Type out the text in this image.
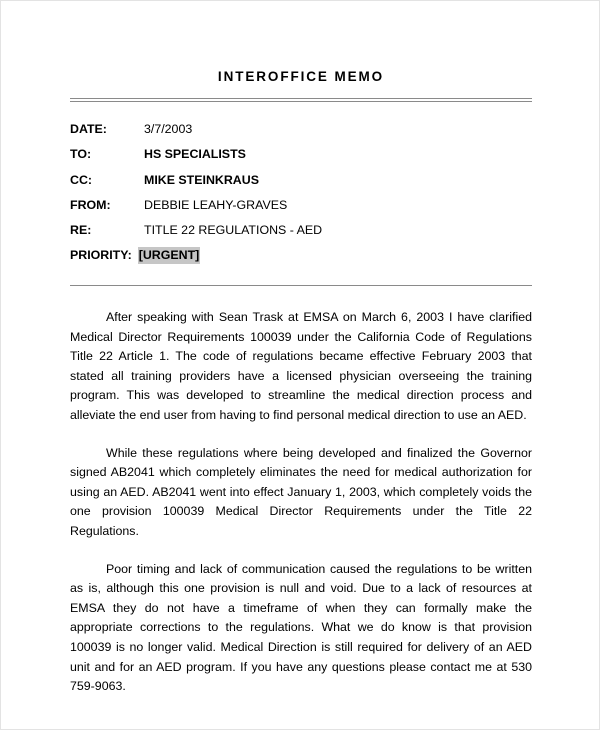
INTEROFFICE MEMO
DATE:	3/7/2003
TO:	HS SPECIALISTS
CC:	MIKE STEINKRAUS
FROM:	DEBBIE LEAHY-GRAVES
RE:	TITLE 22 REGULATIONS - AED
PRIORITY: [URGENT]

After speaking with Sean Trask at EMSA on March 6, 2003 I have clarified Medical Director Requirements 100039 under the California Code of Regulations Title 22 Article 1. The code of regulations became effective February 2003 that stated all training providers have a licensed physician overseeing the training program. This was developed to streamline the medical direction process and alleviate the end user from having to find personal medical direction to use an AED.

While these regulations where being developed and finalized the Governor signed AB2041 which completely eliminates the need for medical authorization for using an AED. AB2041 went into effect January 1, 2003, which completely voids the one provision 100039 Medical Director Requirements under the Title 22 Regulations.

Poor timing and lack of communication caused the regulations to be written as is, although this one provision is null and void. Due to a lack of resources at EMSA they do not have a timeframe of when they can formally make the appropriate corrections to the regulations. What we do know is that provision 100039 is no longer valid. Medical Direction is still required for delivery of an AED unit and for an AED program. If you have any questions please contact me at 530 759-9063.
